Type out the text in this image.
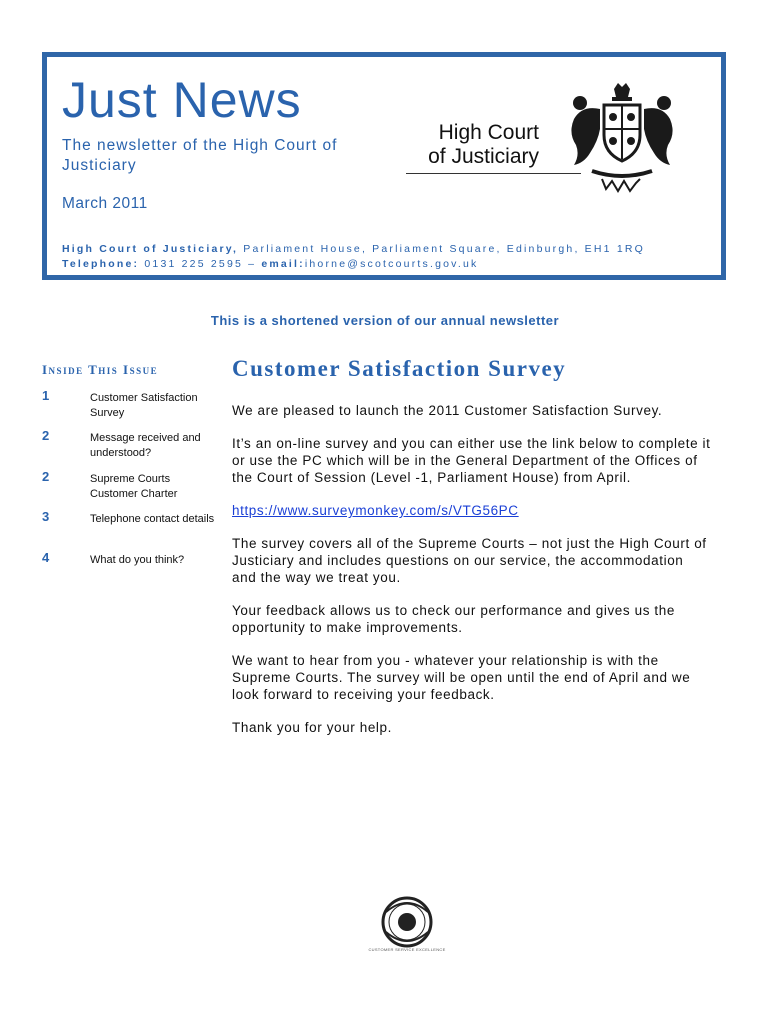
Just News
The newsletter of the High Court of Justiciary
March 2011
High Court of Justiciary, Parliament House, Parliament Square, Edinburgh, EH1 1RQ
Telephone: 0131 225 2595 – email:ihorne@scotcourts.gov.uk
High Court
of Justiciary
This is a shortened version of our annual newsletter
Inside This Issue
1	Customer Satisfaction Survey
2	Message received and understood?
2	Supreme Courts Customer Charter
3	Telephone contact details
4	What do you think?
Customer Satisfaction Survey

We are pleased to launch the 2011 Customer Satisfaction Survey.

It’s an on-line survey and you can either use the link below to complete it or use the PC which will be in the General Department of the Offices of the Court of Session (Level -1, Parliament House) from April.

https://www.surveymonkey.com/s/VTG56PC

The survey covers all of the Supreme Courts – not just the High Court of Justiciary and includes questions on our service, the accommodation and the way we treat you.

Your feedback allows us to check our performance and gives us the opportunity to make improvements.

We want to hear from you - whatever your relationship is with the Supreme Courts. The survey will be open until the end of April and we look forward to receiving your feedback.

Thank you for your help.

CUSTOMER SERVICE EXCELLENCE
